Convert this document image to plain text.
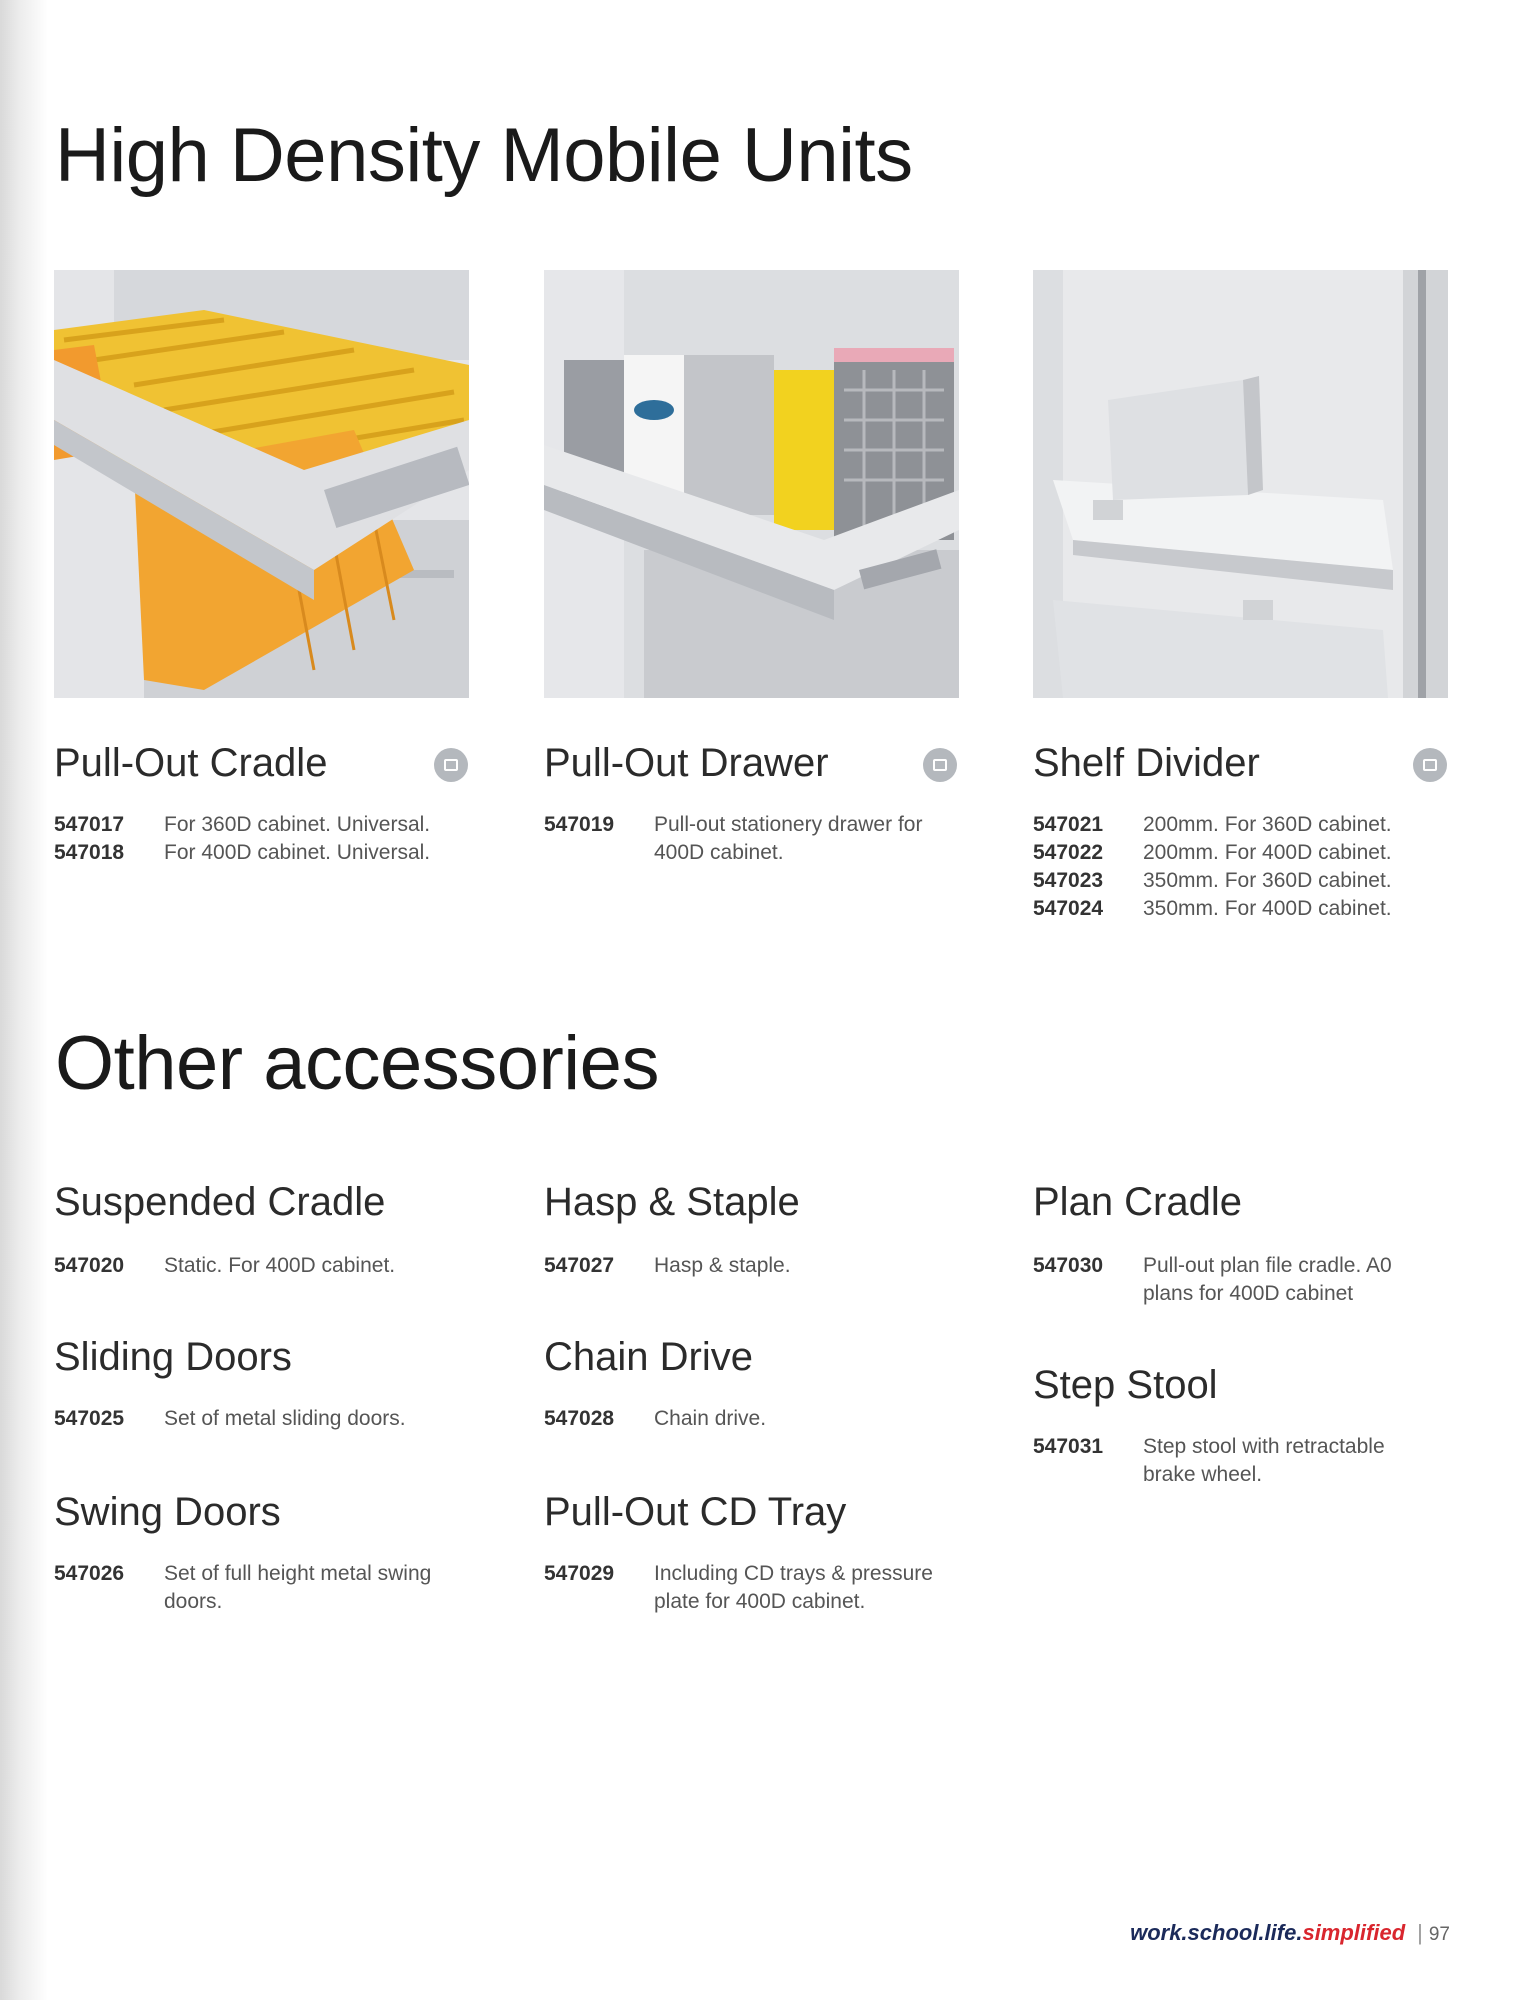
High Density Mobile Units
Pull-Out Cradle	Pull-Out Drawer	Shelf Divider
547017	For 360D cabinet. Universal.
547018	For 400D cabinet. Universal.
547019	Pull-out stationery drawer for 400D cabinet.
547021	200mm. For 360D cabinet.
547022	200mm. For 400D cabinet.
547023	350mm. For 360D cabinet.
547024	350mm. For 400D cabinet.
Other accessories
Suspended Cradle
547020	Static. For 400D cabinet.
Sliding Doors
547025	Set of metal sliding doors.
Swing Doors
547026	Set of full height metal swing doors.
Hasp & Staple
547027	Hasp & staple.
Chain Drive
547028	Chain drive.
Pull-Out CD Tray
547029	Including CD trays & pressure plate for 400D cabinet.
Plan Cradle
547030	Pull-out plan file cradle. A0 plans for 400D cabinet
Step Stool
547031	Step stool with retractable brake wheel.
work.school.life.simplified | 97
